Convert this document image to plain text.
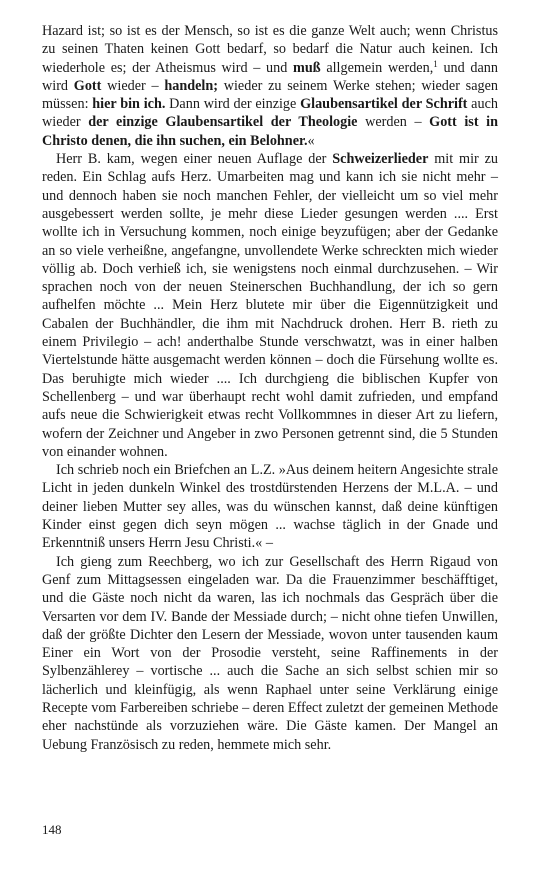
Hazard ist; so ist es der Mensch, so ist es die ganze Welt auch; wenn Christus zu seinen Thaten keinen Gott bedarf, so bedarf die Natur auch keinen. Ich wiederhole es; der Atheismus wird – und muß allgemein werden,$^1$ und dann wird Gott wieder – handeln; wieder zu seinem Werke stehen; wieder sagen müssen: hier bin ich. Dann wird der einzige Glaubensartikel der Schrift auch wieder der einzige Glaubensartikel der Theologie werden – Gott ist in Christo denen, die ihn suchen, ein Belohner.«

Herr B. kam, wegen einer neuen Auflage der Schweizerlieder mit mir zu reden. Ein Schlag aufs Herz. Umarbeiten mag und kann ich sie nicht mehr – und dennoch haben sie noch manchen Fehler, der vielleicht um so viel mehr ausgebessert werden sollte, je mehr diese Lieder gesungen werden .... Erst wollte ich in Versuchung kommen, noch einige beyzufügen; aber der Gedanke an so viele verheißne, angefangne, unvollendete Werke schreckten mich wieder völlig ab. Doch verhieß ich, sie wenigstens noch einmal durchzusehen. – Wir sprachen noch von der neuen Steinerschen Buchhandlung, der ich so gern aufhelfen möchte ... Mein Herz blutete mir über die Eigennützigkeit und Cabalen der Buchhändler, die ihm mit Nachdruck drohen. Herr B. rieth zu einem Privilegio – ach! anderthalbe Stunde verschwatzt, was in einer halben Viertelstunde hätte ausgemacht werden können – doch die Fürsehung wollte es. Das beruhigte mich wieder .... Ich durchgieng die biblischen Kupfer von Schellenberg – und war überhaupt recht wohl damit zufrieden, und empfand aufs neue die Schwierigkeit etwas recht Vollkommnes in dieser Art zu liefern, wofern der Zeichner und Angeber in zwo Personen getrennt sind, die 5 Stunden von einander wohnen.

Ich schrieb noch ein Briefchen an L.Z. »Aus deinem heitern Angesichte strale Licht in jeden dunkeln Winkel des trostdürstenden Herzens der M.L.A. – und deiner lieben Mutter sey alles, was du wünschen kannst, daß deine künftigen Kinder einst gegen dich seyn mögen ... wachse täglich in der Gnade und Erkenntniß unsers Herrn Jesu Christi.« –

Ich gieng zum Reechberg, wo ich zur Gesellschaft des Herrn Rigaud von Genf zum Mittagsessen eingeladen war. Da die Frauenzimmer beschäfftiget, und die Gäste noch nicht da waren, las ich nochmals das Gespräch über die Versarten vor dem IV. Bande der Messiade durch; – nicht ohne tiefen Unwillen, daß der größte Dichter den Lesern der Messiade, wovon unter tausenden kaum Einer ein Wort von der Prosodie versteht, seine Raffinements in der Sylbenzählerey – vortische ... auch die Sache an sich selbst schien mir so lächerlich und kleinfügig, als wenn Raphael unter seine Verklärung einige Recepte vom Farbereiben schriebe – deren Effect zuletzt der gemeinen Methode eher nachstünde als vorzuziehen wäre. Die Gäste kamen. Der Mangel an Uebung Französisch zu reden, hemmete mich sehr.

148
